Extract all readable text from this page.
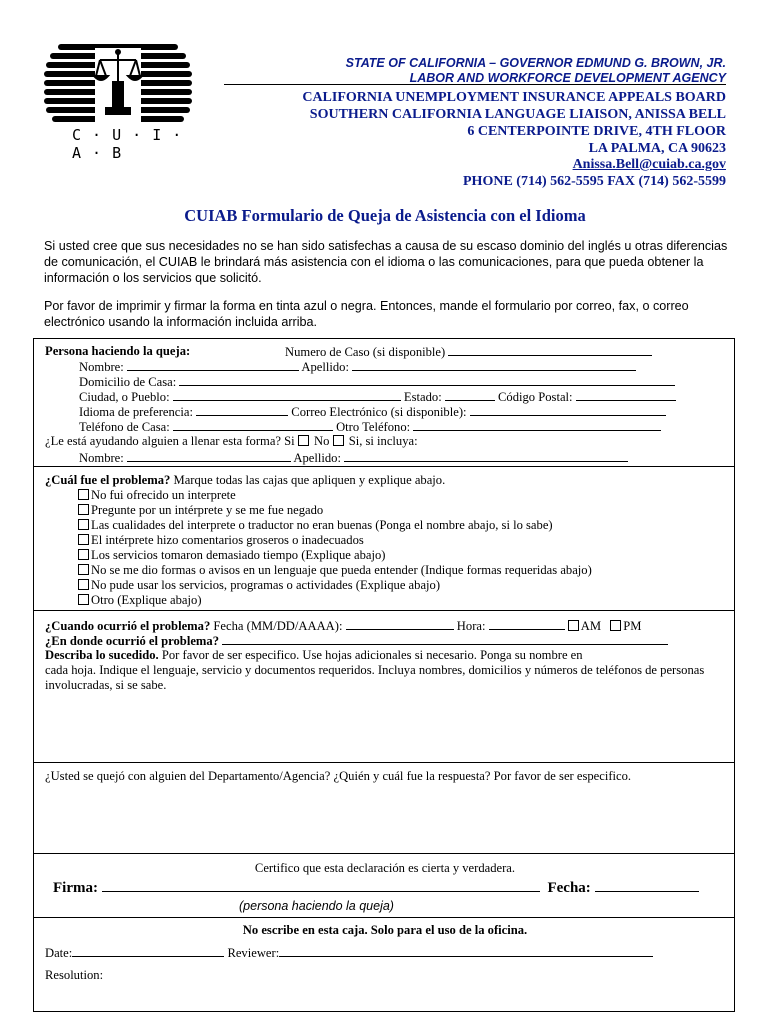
C · U · I · A · B
STATE OF CALIFORNIA – GOVERNOR EDMUND G. BROWN, JR.
LABOR AND WORKFORCE DEVELOPMENT AGENCY
CALIFORNIA UNEMPLOYMENT INSURANCE APPEALS BOARD
SOUTHERN CALIFORNIA LANGUAGE LIAISON, ANISSA BELL
6 CENTERPOINTE DRIVE, 4TH FLOOR
LA PALMA, CA 90623
Anissa.Bell@cuiab.ca.gov
PHONE (714) 562-5595 FAX (714) 562-5599
CUIAB Formulario de Queja de Asistencia con el Idioma
Si usted cree que sus necesidades no se han sido satisfechas a causa de su escaso dominio del inglés u otras diferencias de comunicación, el CUIAB le brindará más asistencia con el idioma o las comunicaciones, para que pueda obtener la información o los servicios que solicitó.
Por favor de imprimir y firmar la forma en tinta azul o negra. Entonces, mande el formulario por correo, fax, o correo electrónico usando la información incluida arriba.
Persona haciendo la queja:	Numero de Caso (si disponible)
Nombre:	Apellido:
Domicilio de Casa:
Ciudad, o Pueblo:	Estado:	Código Postal:
Idioma de preferencia:	Correo Electrónico (si disponible):
Teléfono de Casa:	Otro Teléfono:
¿Le está ayudando alguien a llenar esta forma? Si No Si, si incluya:
Nombre:	Apellido:
¿Cuál fue el problema? Marque todas las cajas que apliquen y explique abajo.
No fui ofrecido un interprete
Pregunte por un intérprete y se me fue negado
Las cualidades del interprete o traductor no eran buenas (Ponga el nombre abajo, si lo sabe)
El intérprete hizo comentarios groseros o inadecuados
Los servicios tomaron demasiado tiempo (Explique abajo)
No se me dio formas o avisos en un lenguaje que pueda entender (Indique formas requeridas abajo)
No pude usar los servicios, programas o actividades (Explique abajo)
Otro (Explique abajo)
¿Cuando ocurrió el problema? Fecha (MM/DD/AAAA):	Hora:	AM PM
¿En donde ocurrió el problema?
Describa lo sucedido. Por favor de ser especifico. Use hojas adicionales si necesario. Ponga su nombre en
cada hoja. Indique el lenguaje, servicio y documentos requeridos. Incluya nombres, domicilios y números de teléfonos de personas involucradas, si se sabe.
¿Usted se quejó con alguien del Departamento/Agencia? ¿Quién y cuál fue la respuesta? Por favor de ser especifico.
Certifico que esta declaración es cierta y verdadera.
Firma:	Fecha:
(persona haciendo la queja)
No escribe en esta caja. Solo para el uso de la oficina.
Date:	Reviewer:
Resolution:
